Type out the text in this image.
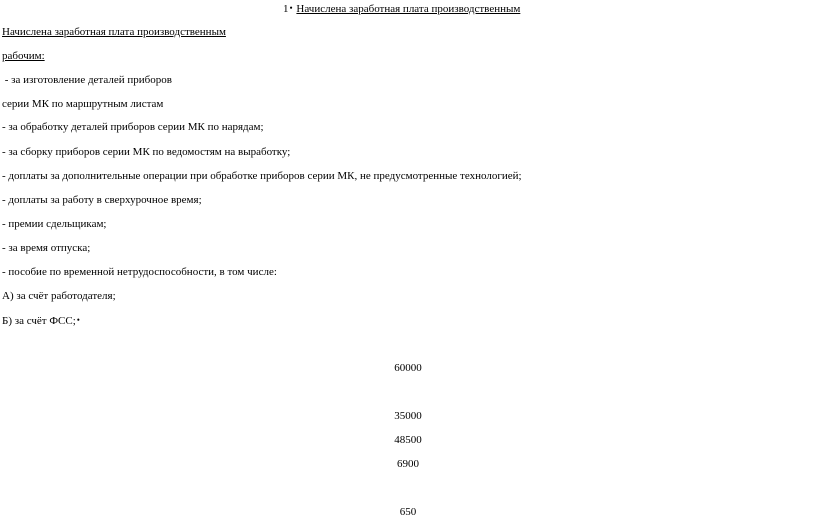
1• Начислена заработная плата производственным
Начислена заработная плата производственным
рабочим:
- за изготовление деталей приборов
серии МК по маршрутным листам
- за обработку деталей приборов серии МК по нарядам;
- за сборку приборов серии МК по ведомостям на выработку;
- доплаты за дополнительные операции при обработке приборов серии МК, не предусмотренные технологией;
- доплаты за работу в сверхурочное время;
- премии сдельщикам;
- за время отпуска;
- пособие по временной нетрудоспособности, в том числе:
А) за счёт работодателя;
Б) за счёт ФСС;•
60000
35000
48500
6900
650
